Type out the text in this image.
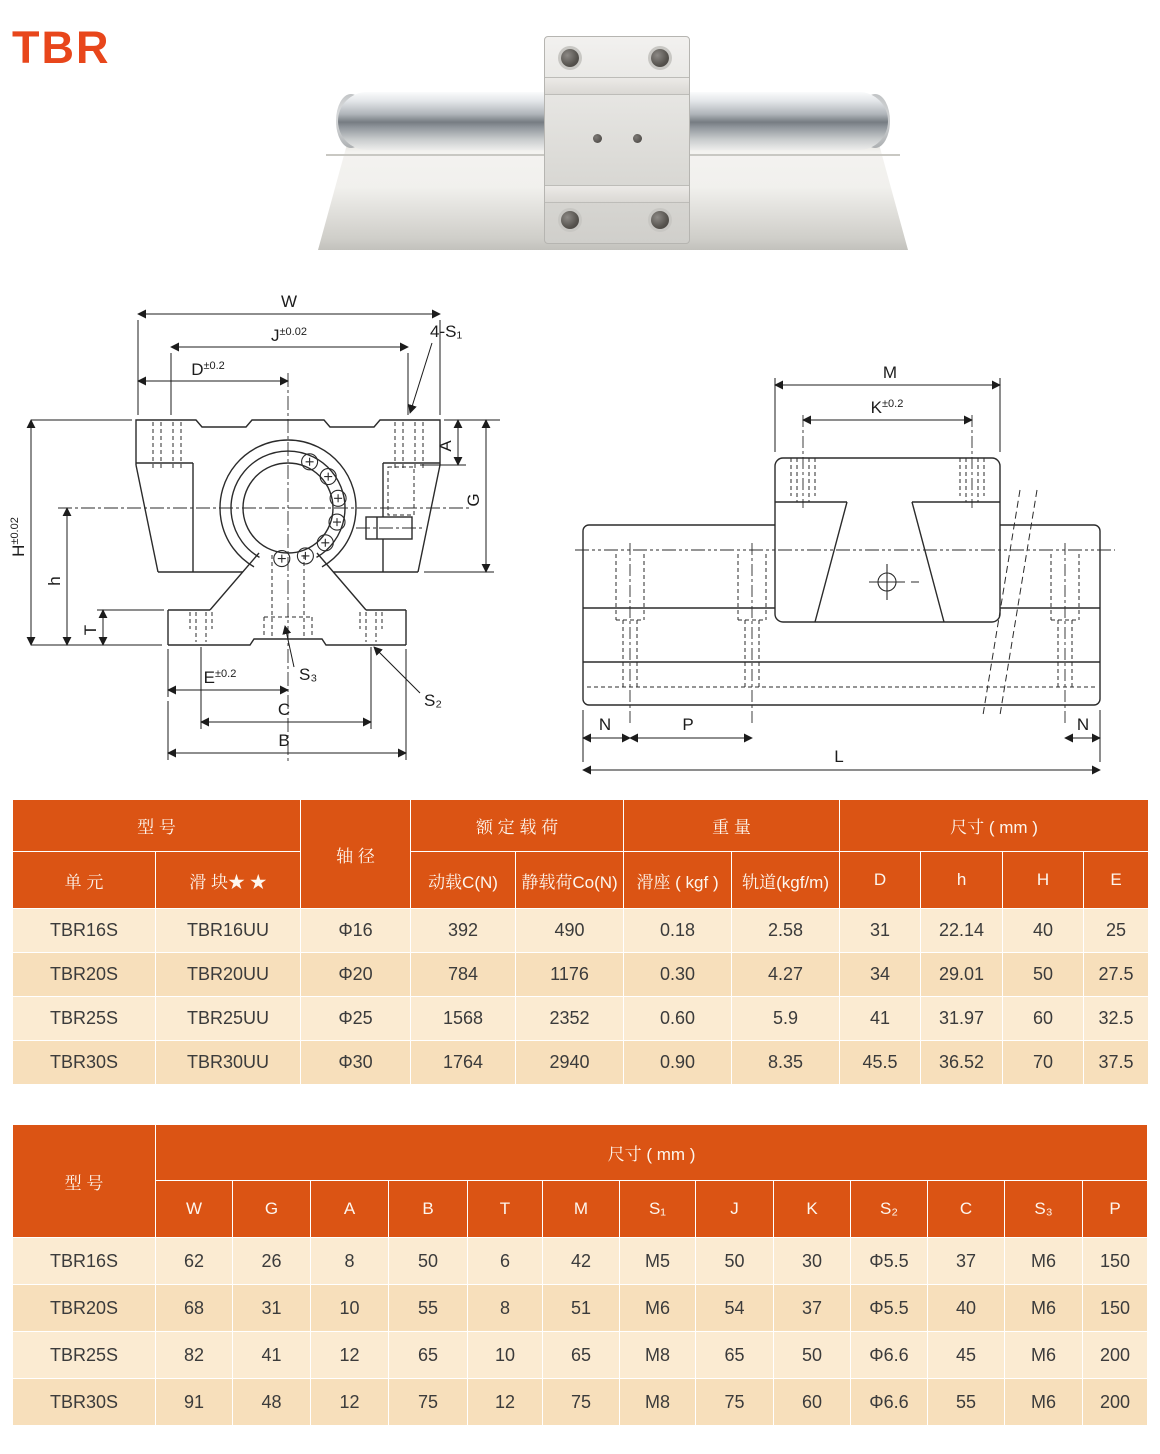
TBR
W
$J^{\pm 0.02}$
$D^{\pm 0.2}$
4-S₁
A
G
$H^{\pm 0.02}$
h
T
$E^{\pm 0.2}$
C
B
S₃
S₂
M
$K^{\pm 0.2}$
N	P	N
L
型 号		轴 径	额 定 载 荷		重 量		尺寸 ( mm )			
单 元	滑 块★ ★		动载C(N)	静载荷Co(N)	滑座 ( kgf )	轨道(kgf/m)	D	h	H	E
TBR16S	TBR16UU	Φ16	392	490	0.18	2.58	31	22.14	40	25
TBR20S	TBR20UU	Φ20	784	1176	0.30	4.27	34	29.01	50	27.5
TBR25S	TBR25UU	Φ25	1568	2352	0.60	5.9	41	31.97	60	32.5
TBR30S	TBR30UU	Φ30	1764	2940	0.90	8.35	45.5	36.52	70	37.5
型 号	尺寸 ( mm )												
	W	G	A	B	T	M	S₁	J	K	S₂	C	S₃	P
TBR16S	62	26	8	50	6	42	M5	50	30	Φ5.5	37	M6	150
TBR20S	68	31	10	55	8	51	M6	54	37	Φ5.5	40	M6	150
TBR25S	82	41	12	65	10	65	M8	65	50	Φ6.6	45	M6	200
TBR30S	91	48	12	75	12	75	M8	75	60	Φ6.6	55	M6	200
